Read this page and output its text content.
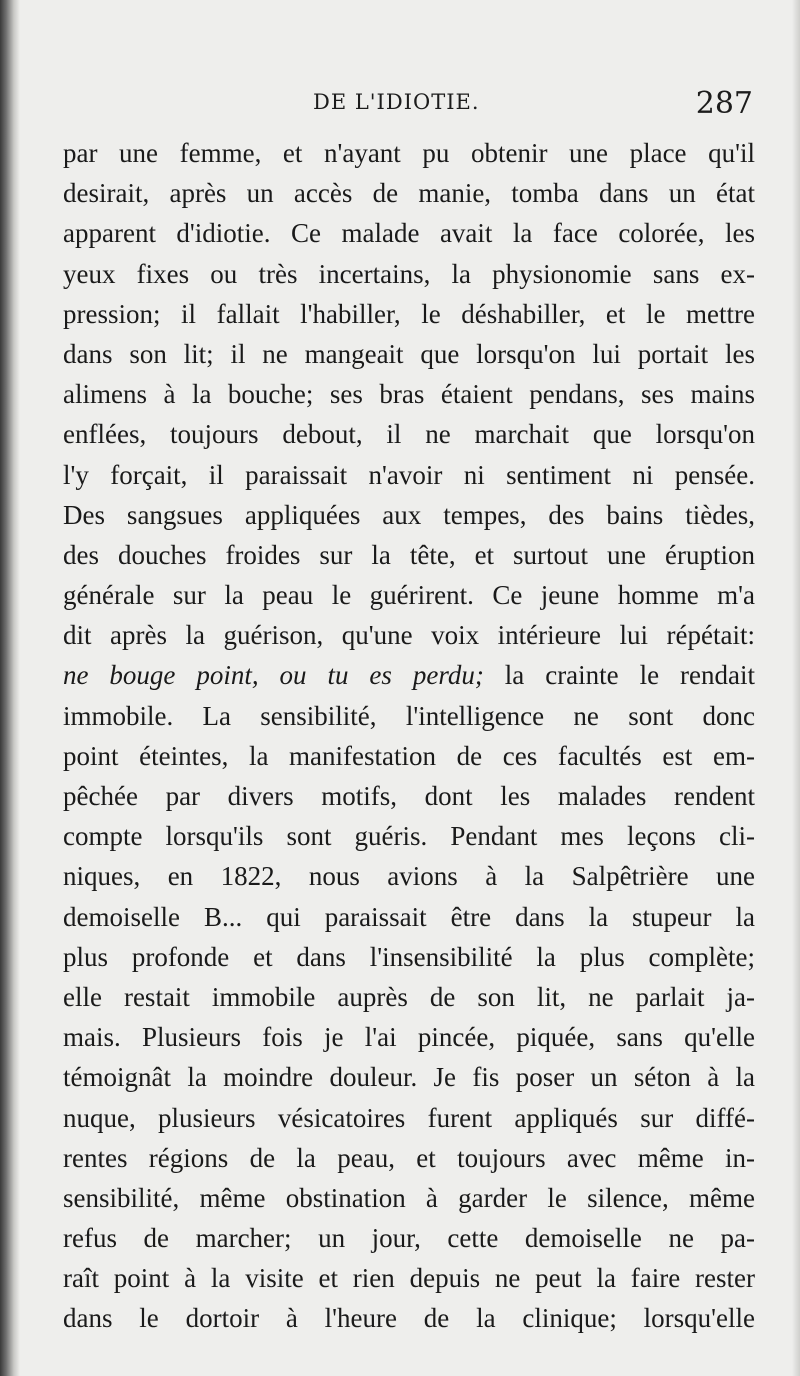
DE L'IDIOTIE.	287
par une femme, et n'ayant pu obtenir une place qu'il
desirait, après un accès de manie, tomba dans un état
apparent d'idiotie. Ce malade avait la face colorée, les
yeux fixes ou très incertains, la physionomie sans ex-
pression; il fallait l'habiller, le déshabiller, et le mettre
dans son lit; il ne mangeait que lorsqu'on lui portait les
alimens à la bouche; ses bras étaient pendans, ses mains
enflées, toujours debout, il ne marchait que lorsqu'on
l'y forçait, il paraissait n'avoir ni sentiment ni pensée.
Des sangsues appliquées aux tempes, des bains tièdes,
des douches froides sur la tête, et surtout une éruption
générale sur la peau le guérirent. Ce jeune homme m'a
dit après la guérison, qu'une voix intérieure lui répétait:
ne bouge point, ou tu es perdu; la crainte le rendait
immobile. La sensibilité, l'intelligence ne sont donc
point éteintes, la manifestation de ces facultés est em-
pêchée par divers motifs, dont les malades rendent
compte lorsqu'ils sont guéris. Pendant mes leçons cli-
niques, en 1822, nous avions à la Salpêtrière une
demoiselle B... qui paraissait être dans la stupeur la
plus profonde et dans l'insensibilité la plus complète;
elle restait immobile auprès de son lit, ne parlait ja-
mais. Plusieurs fois je l'ai pincée, piquée, sans qu'elle
témoignât la moindre douleur. Je fis poser un séton à la
nuque, plusieurs vésicatoires furent appliqués sur diffé-
rentes régions de la peau, et toujours avec même in-
sensibilité, même obstination à garder le silence, même
refus de marcher; un jour, cette demoiselle ne pa-
raît point à la visite et rien depuis ne peut la faire rester
dans le dortoir à l'heure de la clinique; lorsqu'elle
